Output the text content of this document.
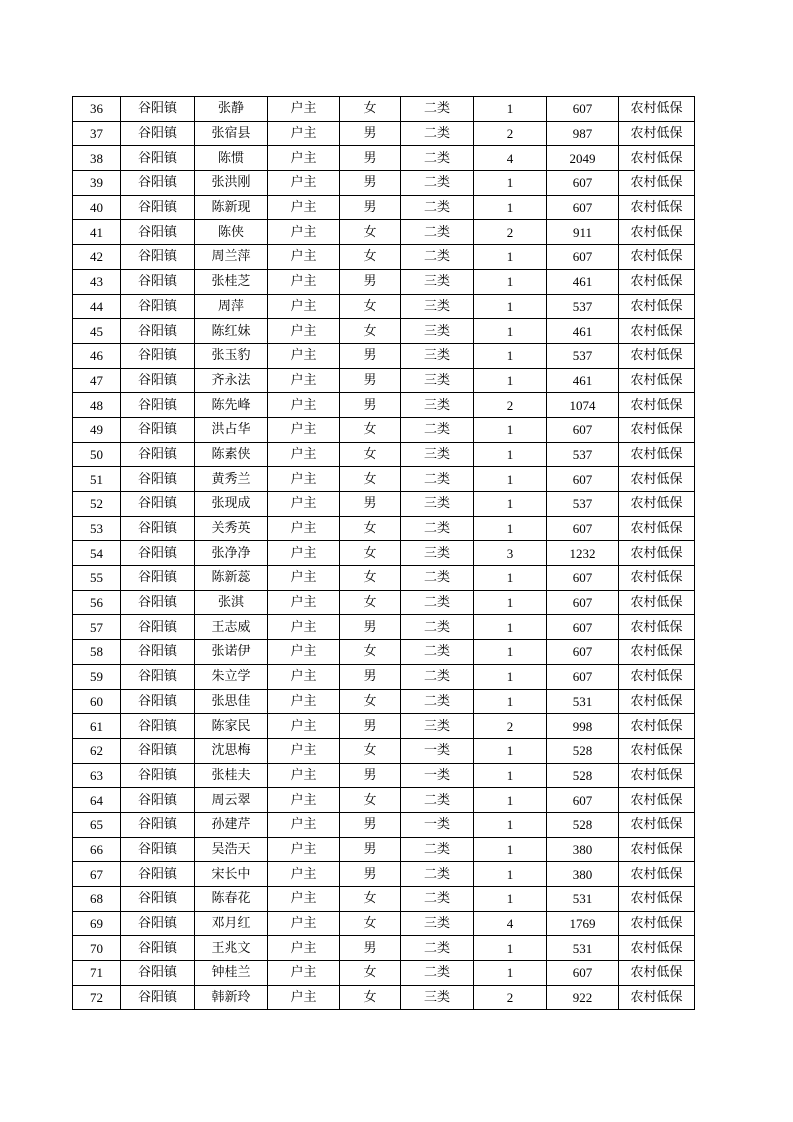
36	谷阳镇	张静	户主	女	二类	1	607	农村低保
37	谷阳镇	张宿县	户主	男	二类	2	987	农村低保
38	谷阳镇	陈惯	户主	男	二类	4	2049	农村低保
39	谷阳镇	张洪刚	户主	男	二类	1	607	农村低保
40	谷阳镇	陈新现	户主	男	二类	1	607	农村低保
41	谷阳镇	陈侠	户主	女	二类	2	911	农村低保
42	谷阳镇	周兰萍	户主	女	二类	1	607	农村低保
43	谷阳镇	张桂芝	户主	男	三类	1	461	农村低保
44	谷阳镇	周萍	户主	女	三类	1	537	农村低保
45	谷阳镇	陈红妹	户主	女	三类	1	461	农村低保
46	谷阳镇	张玉豹	户主	男	三类	1	537	农村低保
47	谷阳镇	齐永法	户主	男	三类	1	461	农村低保
48	谷阳镇	陈先峰	户主	男	三类	2	1074	农村低保
49	谷阳镇	洪占华	户主	女	二类	1	607	农村低保
50	谷阳镇	陈素侠	户主	女	三类	1	537	农村低保
51	谷阳镇	黄秀兰	户主	女	二类	1	607	农村低保
52	谷阳镇	张现成	户主	男	三类	1	537	农村低保
53	谷阳镇	关秀英	户主	女	二类	1	607	农村低保
54	谷阳镇	张净净	户主	女	三类	3	1232	农村低保
55	谷阳镇	陈新蕊	户主	女	二类	1	607	农村低保
56	谷阳镇	张淇	户主	女	二类	1	607	农村低保
57	谷阳镇	王志威	户主	男	二类	1	607	农村低保
58	谷阳镇	张诺伊	户主	女	二类	1	607	农村低保
59	谷阳镇	朱立学	户主	男	二类	1	607	农村低保
60	谷阳镇	张思佳	户主	女	二类	1	531	农村低保
61	谷阳镇	陈家民	户主	男	三类	2	998	农村低保
62	谷阳镇	沈思梅	户主	女	一类	1	528	农村低保
63	谷阳镇	张桂夫	户主	男	一类	1	528	农村低保
64	谷阳镇	周云翠	户主	女	二类	1	607	农村低保
65	谷阳镇	孙建芹	户主	男	一类	1	528	农村低保
66	谷阳镇	吴浩天	户主	男	二类	1	380	农村低保
67	谷阳镇	宋长中	户主	男	二类	1	380	农村低保
68	谷阳镇	陈春花	户主	女	二类	1	531	农村低保
69	谷阳镇	邓月红	户主	女	三类	4	1769	农村低保
70	谷阳镇	王兆文	户主	男	二类	1	531	农村低保
71	谷阳镇	钟桂兰	户主	女	二类	1	607	农村低保
72	谷阳镇	韩新玲	户主	女	三类	2	922	农村低保
